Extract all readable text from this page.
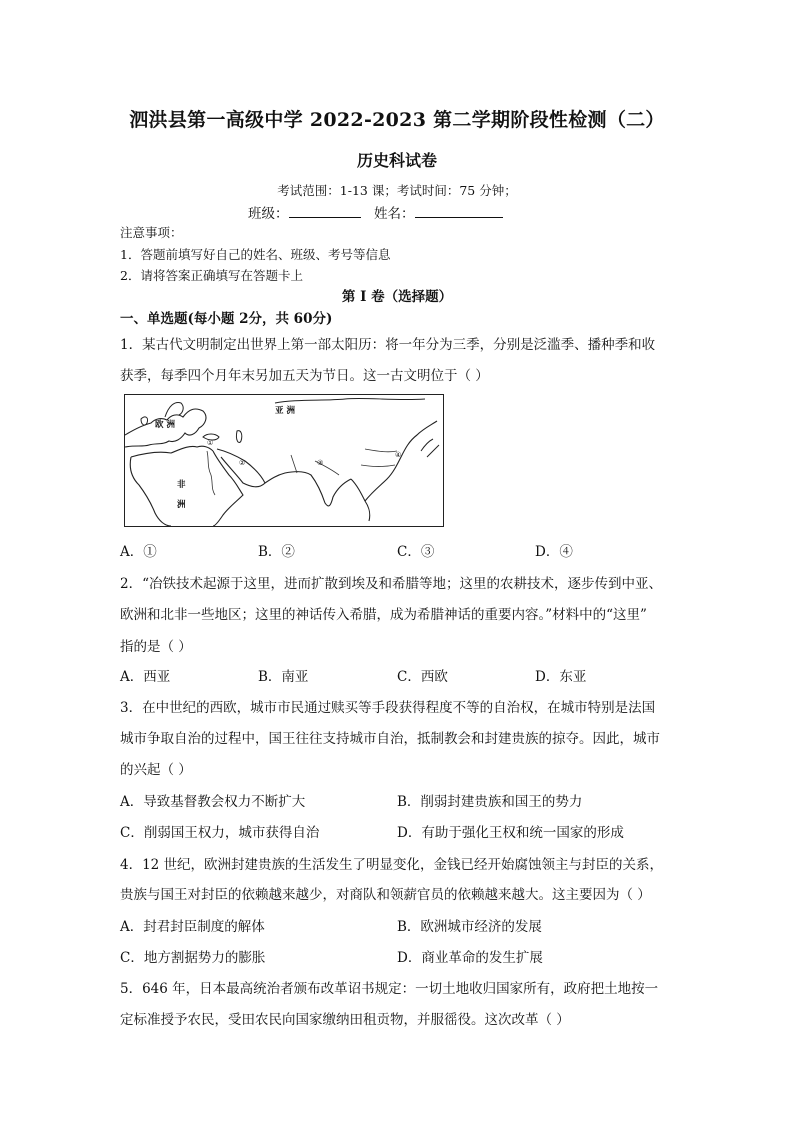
泗洪县第一高级中学 2022-2023 第二学期阶段性检测（二）
历史科试卷
考试范围：1-13 课；考试时间：75 分钟；
班级：	姓名：
注意事项：
1．答题前填写好自己的姓名、班级、考号等信息
2．请将答案正确填写在答题卡上
第 I 卷（选择题）
一、单选题(每小题 2分，共 60分)
1．某古代文明制定出世界上第一部太阳历：将一年分为三季，分别是泛滥季、播种季和收
获季，每季四个月年末另加五天为节日。这一古文明位于（ ）
亚 洲
欧 洲
非
洲
①
②	③
④
A．①	B．②	C．③	D．④
2．“冶铁技术起源于这里，进而扩散到埃及和希腊等地；这里的农耕技术，逐步传到中亚、
欧洲和北非一些地区；这里的神话传入希腊，成为希腊神话的重要内容。”材料中的“这里”
指的是（ ）
A．西亚	B．南亚	C．西欧	D．东亚
3．在中世纪的西欧，城市市民通过赎买等手段获得程度不等的自治权，在城市特别是法国
城市争取自治的过程中，国王往往支持城市自治，抵制教会和封建贵族的掠夺。因此，城市
的兴起（ ）
A．导致基督教会权力不断扩大	B．削弱封建贵族和国王的势力
C．削弱国王权力，城市获得自治	D．有助于强化王权和统一国家的形成
4．12 世纪，欧洲封建贵族的生活发生了明显变化，金钱已经开始腐蚀领主与封臣的关系，
贵族与国王对封臣的依赖越来越少，对商队和领薪官员的依赖越来越大。这主要因为（ ）
A．封君封臣制度的解体	B．欧洲城市经济的发展
C．地方割据势力的膨胀	D．商业革命的发生扩展
5．646 年，日本最高统治者颁布改革诏书规定：一切土地收归国家所有，政府把土地按一
定标准授予农民，受田农民向国家缴纳田租贡物，并服徭役。这次改革（ ）
